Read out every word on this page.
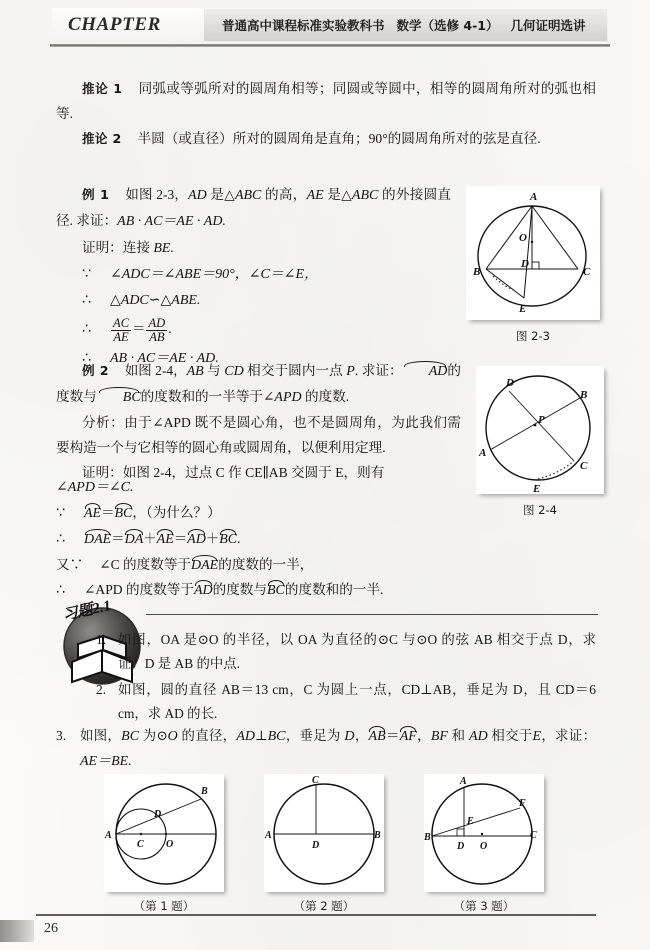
CHAPTER	普通高中课程标准实验教科书 数学（选修 4-1） 几何证明选讲

推论 1 同弧或等弧所对的圆周角相等；同圆或等圆中，相等的圆周角所对的弧也相等.

推论 2 半圆（或直径）所对的圆周角是直角；90°的圆周角所对的弦是直径.

例 1 如图 2-3，AD 是△ABC 的高，AE 是△ABC 的外接圆直径. 求证：AB · AC＝AE · AD.

证明：连接 BE.

∵ ∠ADC＝∠ABE＝90°，∠C＝∠E，

∴ △ADC∽△ABE.

∴ $\frac{AC}{AE} = \frac{AD}{AB}$ .

∴ AB · AC＝AE · AD.

A
B	C
D
E
O
图 2-3

例 2 如图 2-4，AB 与 CD 相交于圆内一点 P. 求证： AD的度数与 BC的度数和的一半等于∠APD 的度数.

分析：由于∠APD 既不是圆心角，也不是圆周角，为此我们需要构造一个与它相等的圆心角或圆周角，以便利用定理.

证明：如图 2-4，过点 C 作 CE∥AB 交圆于 E，则有

∠APD＝∠C.

∵ AE＝BC，（为什么？）

∴ DAE＝DA＋AE＝AD＋BC.

又∵ ∠C 的度数等于DAE的度数的一半，

∴ ∠APD 的度数等于AD的度数与BC的度数和的一半.

D
B
A
C
E
P
图 2-4
习题2.1

1. 如图，OA 是⊙O 的半径，以 OA 为直径的⊙C 与⊙O 的弦 AB 相交于点 D，求证：D 是 AB 的中点.

2. 如图，圆的直径 AB＝13 cm，C 为圆上一点，CD⊥AB，垂足为 D，且 CD＝6 cm，求 AD 的长.

3. 如图，BC 为⊙O 的直径，AD⊥BC，垂足为 D，AB＝AF，BF 和 AD 相交于E，求证：AE＝BE.

A
B
C
D
O
（第 1 题）
A	B
C
D
（第 2 题）
A
B	C
D
E
F
O
（第 3 题）
26
